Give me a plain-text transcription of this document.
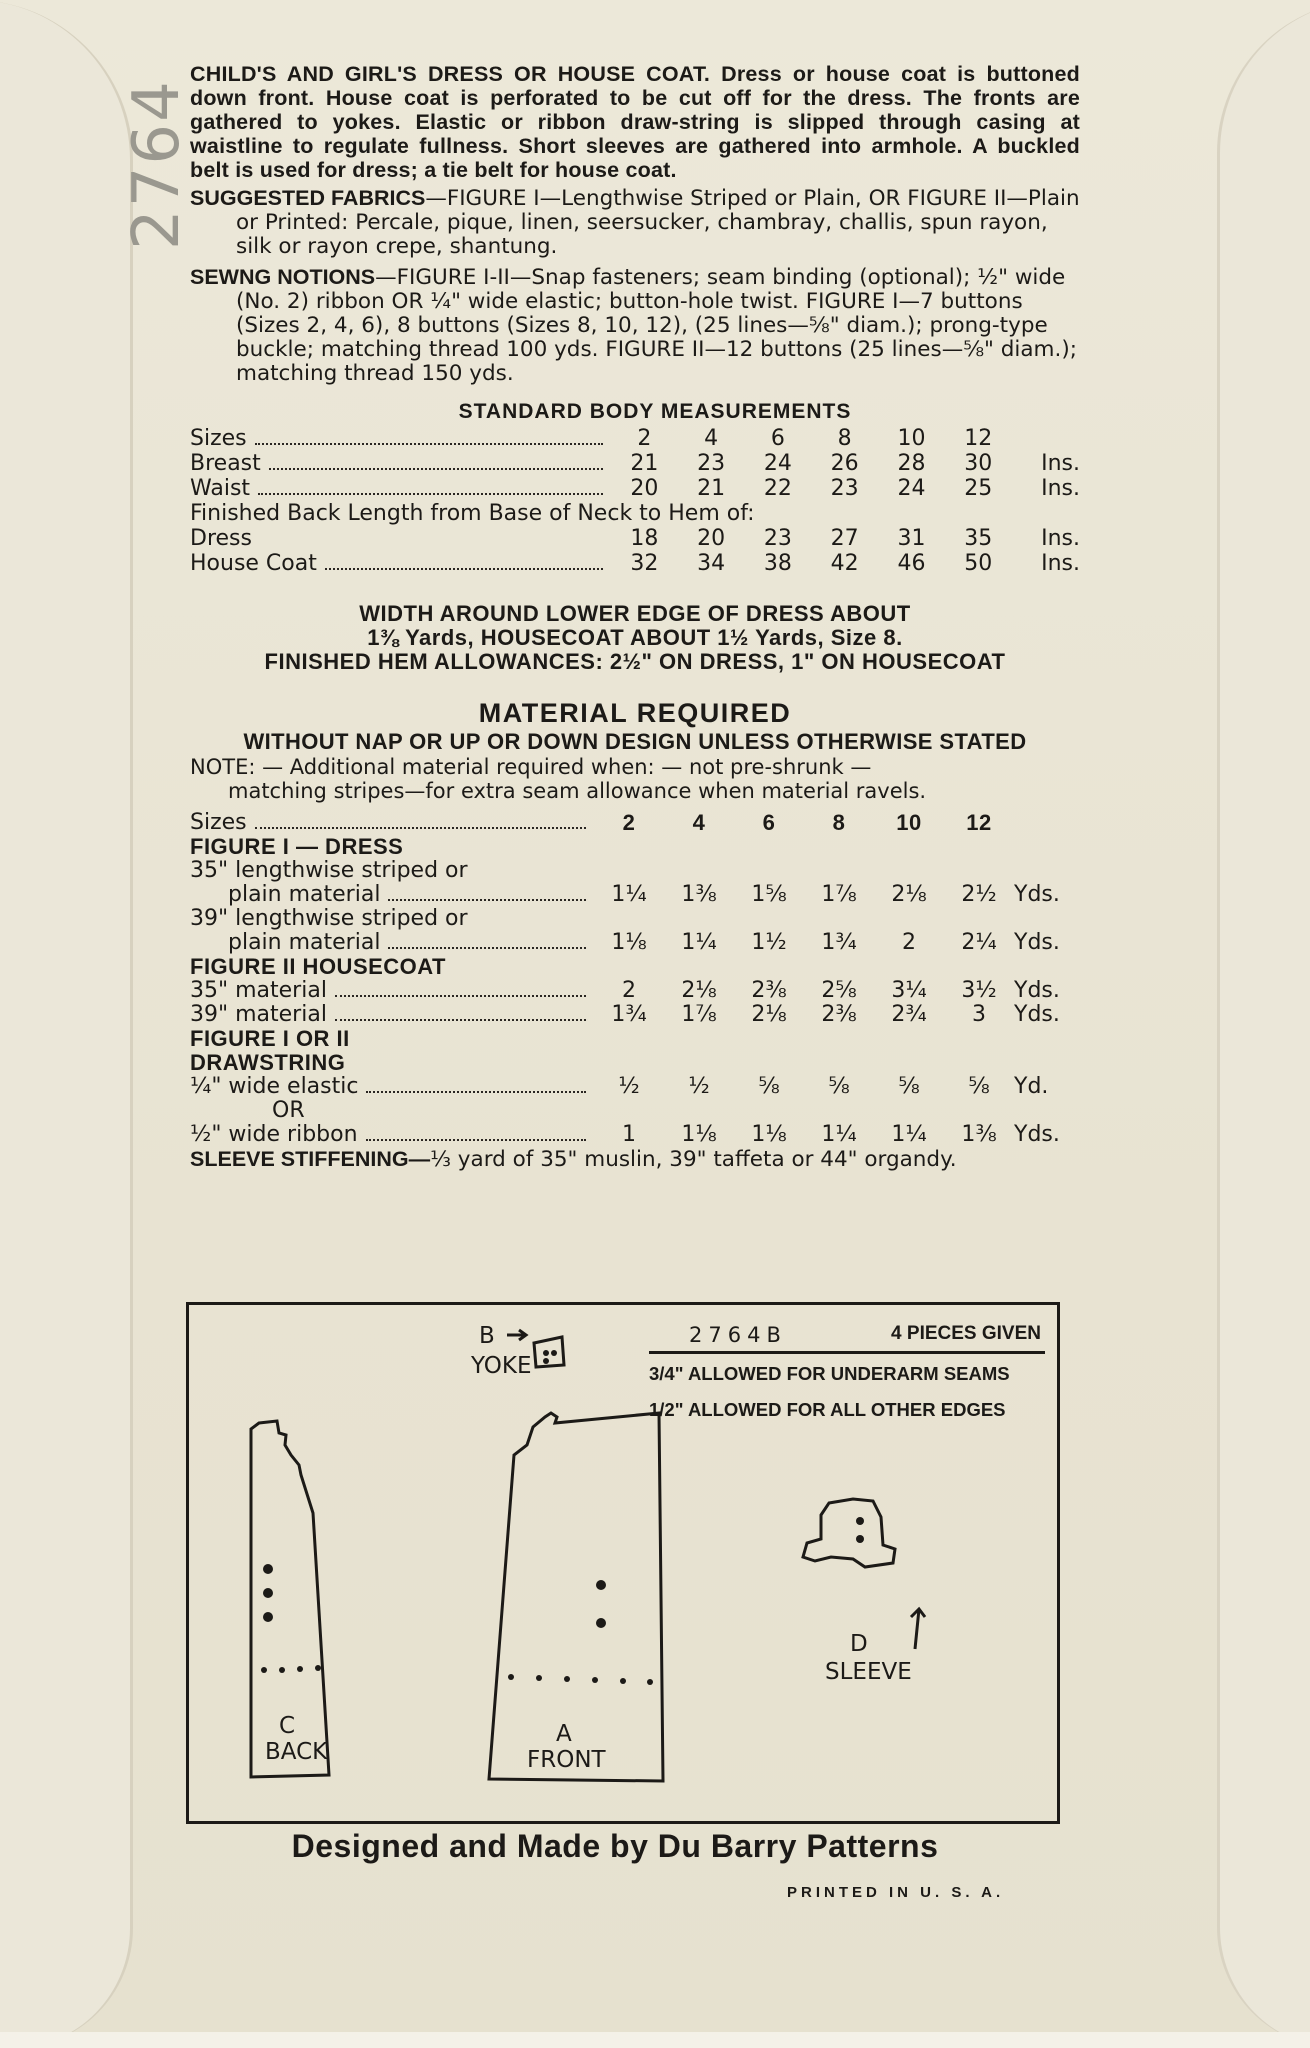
2764

CHILD'S AND GIRL'S DRESS OR HOUSE COAT. Dress or house coat is buttoned down front. House coat is perforated to be cut off for the dress. The fronts are gathered to yokes. Elastic or ribbon draw-string is slipped through casing at waistline to regulate fullness. Short sleeves are gathered into armhole. A buckled belt is used for dress; a tie belt for house coat.

SUGGESTED FABRICS—FIGURE I—Lengthwise Striped or Plain, OR FIGURE II—Plain or Printed: Percale, pique, linen, seersucker, chambray, challis, spun rayon, silk or rayon crepe, shantung.

SEWNG NOTIONS—FIGURE I-II—Snap fasteners; seam binding (optional); ½" wide (No. 2) ribbon OR ¼" wide elastic; button-hole twist. FIGURE I—7 buttons (Sizes 2, 4, 6), 8 buttons (Sizes 8, 10, 12), (25 lines—⅝" diam.); prong-type buckle; matching thread 100 yds. FIGURE II—12 buttons (25 lines—⅝" diam.); matching thread 150 yds.

STANDARD BODY MEASUREMENTS
Sizes	2	4	6	8	10	12	

Breast	21	23	24	26	28	30	Ins.

Waist	20	21	22	23	24	25	Ins.
Finished Back Length from Base of Neck to Hem of:							

Dress	18	20	23	27	31	35	Ins.

House Coat	32	34	38	42	46	50	Ins.
WIDTH AROUND LOWER EDGE OF DRESS ABOUT
1⅜ Yards, HOUSECOAT ABOUT 1½ Yards, Size 8.
FINISHED HEM ALLOWANCES: 2½" ON DRESS, 1" ON HOUSECOAT
MATERIAL REQUIRED
WITHOUT NAP OR UP OR DOWN DESIGN UNLESS OTHERWISE STATED
NOTE: — Additional material required when: — not pre-shrunk —
matching stripes—for extra seam allowance when material ravels.
Sizes	2	4	6	8	10	12	
FIGURE I — DRESS							
35" lengthwise striped or							

plain material	1¼	1⅜	1⅝	1⅞	2⅛	2½	Yds.
39" lengthwise striped or							

plain material	1⅛	1¼	1½	1¾	2	2¼	Yds.
FIGURE II HOUSECOAT							

35" material	2	2⅛	2⅜	2⅝	3¼	3½	Yds.

39" material	1¾	1⅞	2⅛	2⅜	2¾	3	Yds.
FIGURE I OR II							
DRAWSTRING							

¼" wide elastic	½	½	⅝	⅝	⅝	⅝	Yd.
OR							

½" wide ribbon	1	1⅛	1⅛	1¼	1¼	1⅜	Yds.

SLEEVE STIFFENING—⅓ yard of 35" muslin, 39" taffeta or 44" organdy.

2764B	4 PIECES GIVEN
3/4" ALLOWED FOR UNDERARM SEAMS
1/2" ALLOWED FOR ALL OTHER EDGES
B
YOKE
C
BACK
A
FRONT
D
SLEEVE
Designed and Made by Du Barry Patterns
PRINTED IN U. S. A.
